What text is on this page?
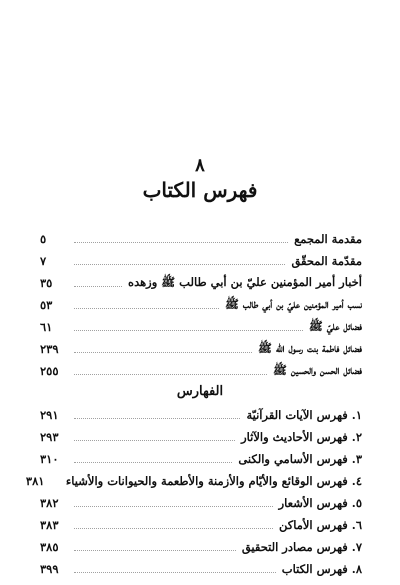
٨
فهرس الكتاب
مقدمة المجمع
٥
مقدّمة المحقّق
٧
أخبار أمير المؤمنين عليّ بن أبي طالب ﷺ وزهده
٣٥
نسب أمير المؤمنين عليّ بن أبي طالب ﷺ
٥٣
فضائل عليّ ﷺ
٦١
فضائل فاطمة بنت رسول الله ﷺ
٢٣٩
فضائل الحسن والحسين ﷺ
٢٥٥
الفهارس
١. فهرس الآيات القرآنيّة
٢٩١
٢. فهرس الأحاديث والآثار
٢٩٣
٣. فهرس الأسامي والكنى
٣١٠
٤. فهرس الوقائع والأيّام والأزمنة والأطعمة والحيوانات والأشياء
٣٨١
٥. فهرس الأشعار
٣٨٢
٦. فهرس الأماكن
٣٨٣
٧. فهرس مصادر التحقيق
٣٨٥
٨. فهرس الكتاب
٣٩٩
